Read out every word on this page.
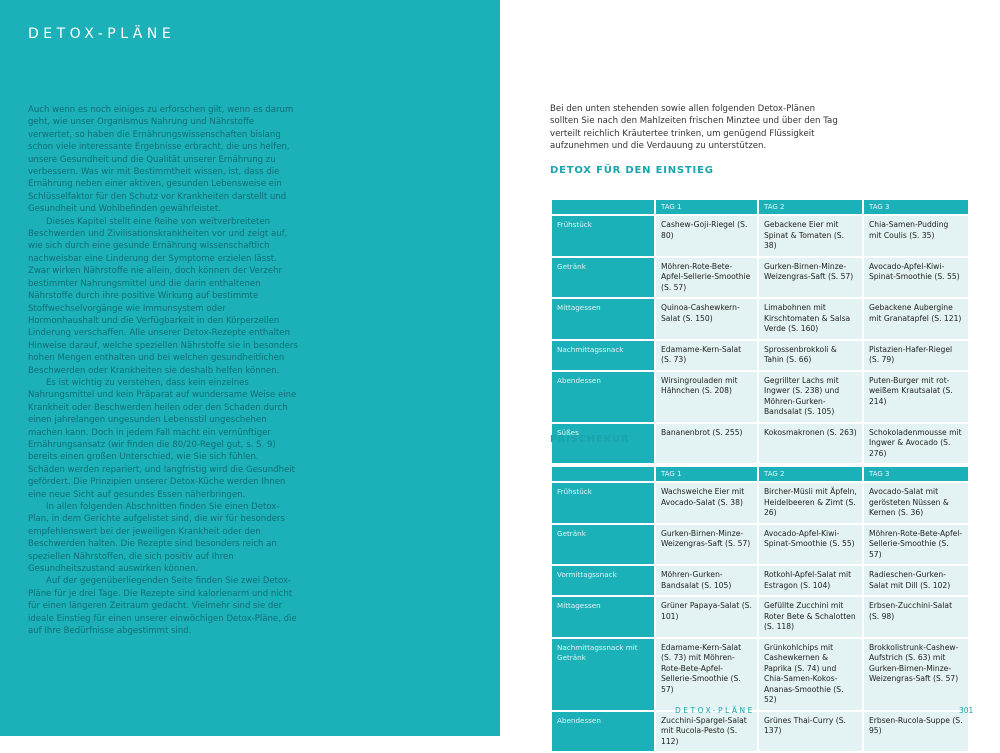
DETOX-PLÄNE

Auch wenn es noch einiges zu erforschen gilt, wenn es darum geht, wie unser Organismus Nahrung und Nährstoffe verwertet, so haben die Ernährungswissenschaften bislang schon viele interessante Ergebnisse erbracht, die uns helfen, unsere Gesundheit und die Qualität unserer Ernährung zu verbessern. Was wir mit Bestimmtheit wissen, ist, dass die Ernährung neben einer aktiven, gesunden Lebensweise ein Schlüsselfaktor für den Schutz vor Krankheiten darstellt und Gesundheit und Wohlbefinden gewährleistet.

Dieses Kapitel stellt eine Reihe von weitverbreiteten Beschwerden und Zivilisationskrankheiten vor und zeigt auf, wie sich durch eine gesunde Ernährung wissenschaftlich nachweisbar eine Linderung der Symptome erzielen lässt. Zwar wirken Nährstoffe nie allein, doch können der Verzehr bestimmter Nahrungsmittel und die darin enthaltenen Nährstoffe durch ihre positive Wirkung auf bestimmte Stoffwechselvorgänge wie Immunsystem oder Hormonhaushalt und die Verfügbarkeit in den Körperzellen Linderung verschaffen. Alle unserer Detox-Rezepte enthalten Hinweise darauf, welche speziellen Nährstoffe sie in besonders hohen Mengen enthalten und bei welchen gesundheitlichen Beschwerden oder Krankheiten sie deshalb helfen können.

Es ist wichtig zu verstehen, dass kein einzelnes Nahrungsmittel und kein Präparat auf wundersame Weise eine Krankheit oder Beschwerden heilen oder den Schaden durch einen jahrelangen ungesunden Lebensstil ungeschehen machen kann. Doch in jedem Fall macht ein vernünftiger Ernährungsansatz (wir finden die 80/20-Regel gut, s. S. 9) bereits einen großen Unterschied, wie Sie sich fühlen. Schäden werden repariert, und langfristig wird die Gesundheit gefördert. Die Prinzipien unserer Detox-Küche werden Ihnen eine neue Sicht auf gesundes Essen näherbringen.

In allen folgenden Abschnitten finden Sie einen Detox-Plan, in dem Gerichte aufgelistet sind, die wir für besonders empfehlenswert bei der jeweiligen Krankheit oder den Beschwerden halten. Die Rezepte sind besonders reich an speziellen Nährstoffen, die sich positiv auf Ihren Gesundheitszustand auswirken können.

Auf der gegenüberliegenden Seite finden Sie zwei Detox-Pläne für je drei Tage. Die Rezepte sind kalorienarm und nicht für einen längeren Zeitraum gedacht. Vielmehr sind sie der ideale Einstieg für einen unserer einwöchigen Detox-Pläne, die auf Ihre Bedürfnisse abgestimmt sind.

Bei den unten stehenden sowie allen folgenden Detox-Plänen sollten Sie nach den Mahlzeiten frischen Minztee und über den Tag verteilt reichlich Kräutertee trinken, um genügend Flüssigkeit aufzunehmen und die Verdauung zu unterstützen.

DETOX FÜR DEN EINSTIEG
	TAG 1	TAG 2	TAG 3
Frühstück	Cashew-Goji-Riegel (S. 80)	Gebackene Eier mit Spinat & Tomaten (S. 38)	Chia-Samen-Pudding mit Coulis (S. 35)
Getränk	Möhren-Rote-Bete-Apfel-Sellerie-Smoothie (S. 57)	Gurken-Birnen-Minze-Weizengras-Saft (S. 57)	Avocado-Apfel-Kiwi-Spinat-Smoothie (S. 55)
Mittagessen	Quinoa-Cashewkern-Salat (S. 150)	Limabohnen mit Kirschtomaten & Salsa Verde (S. 160)	Gebackene Aubergine mit Granatapfel (S. 121)
Nachmittagssnack	Edamame-Kern-Salat (S. 73)	Sprossenbrokkoli & Tahin (S. 66)	Pistazien-Hafer-Riegel (S. 79)
Abendessen	Wirsingrouladen mit Hähnchen (S. 208)	Gegrillter Lachs mit Ingwer (S. 238) und Möhren-Gurken-Bandsalat (S. 105)	Puten-Burger mit rot-weißem Krautsalat (S. 214)
Süßes	Bananenbrot (S. 255)	Kokosmakronen (S. 263)	Schokoladenmousse mit Ingwer & Avocado (S. 276)
FRISCHEKUR
	TAG 1	TAG 2	TAG 3
Frühstück	Wachsweiche Eier mit Avocado-Salat (S. 38)	Bircher-Müsli mit Äpfeln, Heidelbeeren & Zimt (S. 26)	Avocado-Salat mit gerösteten Nüssen & Kernen (S. 36)
Getränk	Gurken-Birnen-Minze-Weizengras-Saft (S. 57)	Avocado-Apfel-Kiwi-Spinat-Smoothie (S. 55)	Möhren-Rote-Bete-Apfel-Sellerie-Smoothie (S. 57)
Vormittagssnack	Möhren-Gurken-Bandsalat (S. 105)	Rotkohl-Apfel-Salat mit Estragon (S. 104)	Radieschen-Gurken-Salat mit Dill (S. 102)
Mittagessen	Grüner Papaya-Salat (S. 101)	Gefüllte Zucchini mit Roter Bete & Schalotten (S. 118)	Erbsen-Zucchini-Salat (S. 98)
Nachmittagssnack mit Getränk	Edamame-Kern-Salat (S. 73) mit Möhren-Rote-Bete-Apfel-Sellerie-Smoothie (S. 57)	Grünkohlchips mit Cashewkernen & Paprika (S. 74) und Chia-Samen-Kokos-Ananas-Smoothie (S. 52)	Brokkolistrunk-Cashew-Aufstrich (S. 63) mit Gurken-Birnen-Minze-Weizengras-Saft (S. 57)
Abendessen	Zucchini-Spargel-Salat mit Rucola-Pesto (S. 112)	Grünes Thai-Curry (S. 137)	Erbsen-Rucola-Suppe (S. 95)
DETOX-PLÄNE	301
